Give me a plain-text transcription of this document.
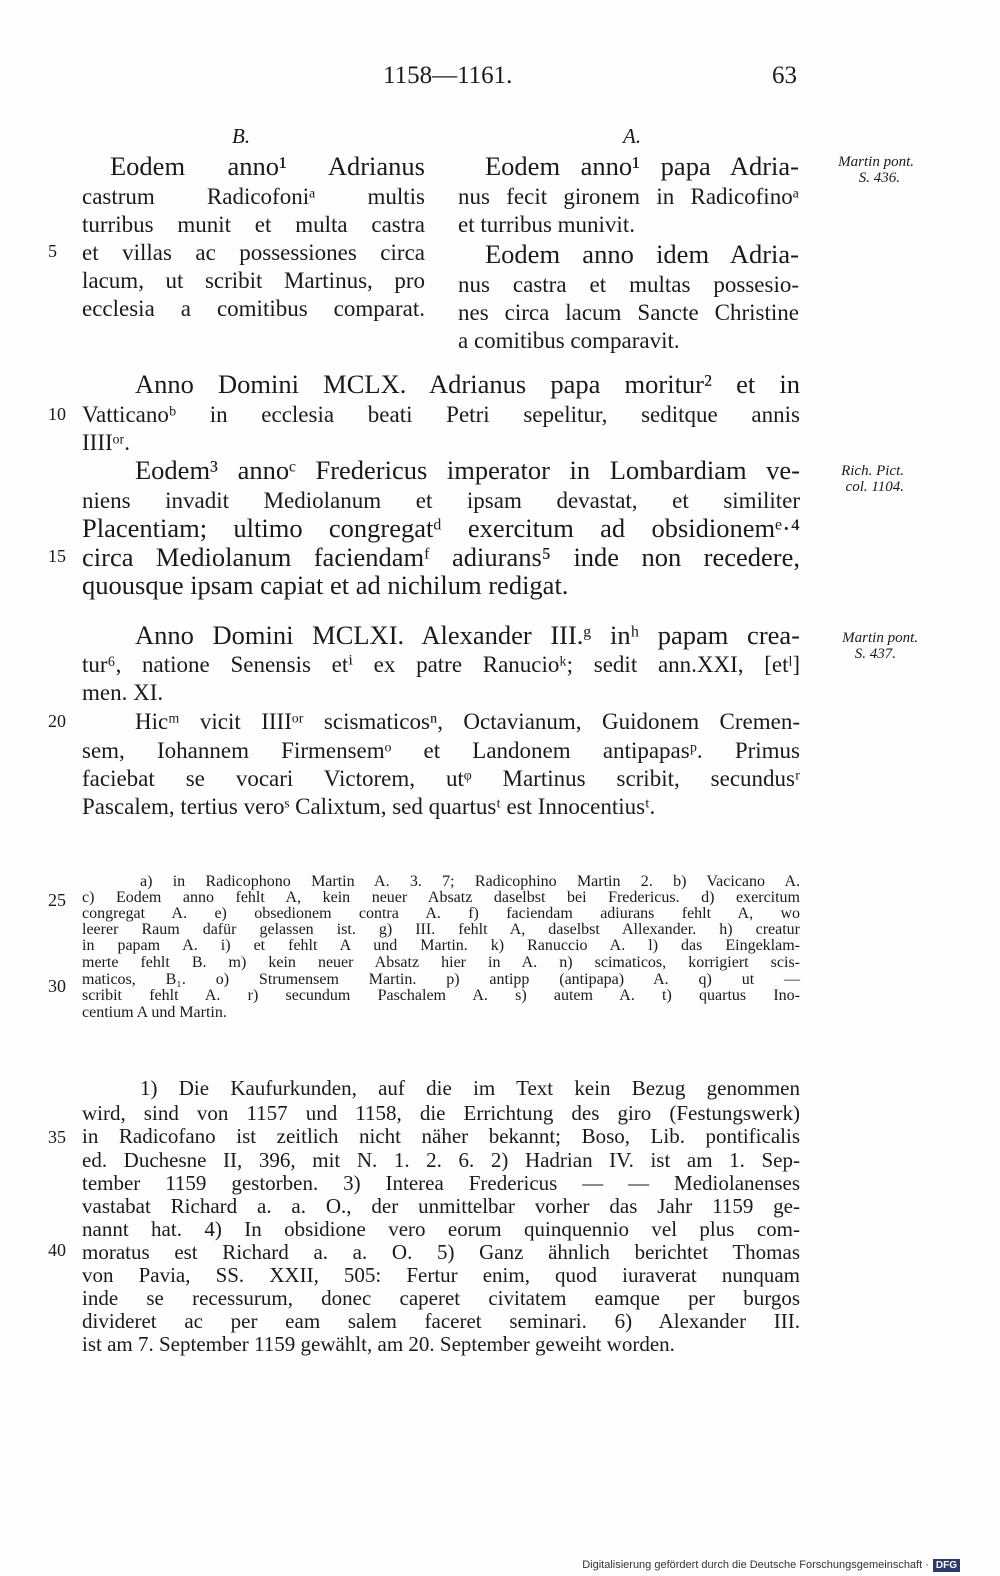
1158—1161.	63
B.	A.
Eodem anno¹ Adrianus
castrum Radicofoniᵃ multis
turribus munit et multa castra
et villas ac possessiones circa
lacum, ut scribit Martinus, pro
ecclesia a comitibus comparat.
Eodem anno¹ papa Adria-
nus fecit gironem in Radicofinoᵃ
et turribus munivit.
Eodem anno idem Adria-
nus castra et multas possesio-
nes circa lacum Sancte Christine
a comitibus comparavit.
Anno Domini MCLX. Adrianus papa moritur² et in
Vatticanoᵇ in ecclesia beati Petri sepelitur, seditque annis
IIIIᵒʳ.
Eodem³ annoᶜ Fredericus imperator in Lombardiam ve-
niens invadit Mediolanum et ipsam devastat, et similiter
Placentiam; ultimo congregatᵈ exercitum ad obsidionemᵉ·⁴
circa Mediolanum faciendamᶠ adiurans⁵ inde non recedere,
quousque ipsam capiat et ad nichilum redigat.
Anno Domini MCLXI. Alexander III.ᵍ inʰ papam crea-
tur⁶, natione Senensis etⁱ ex patre Ranucioᵏ; sedit ann.XXI, [etˡ]
men. XI.
Hicᵐ vicit IIIIᵒʳ scismaticosⁿ, Octavianum, Guidonem Cremen-
sem, Iohannem Firmensemᵒ et Landonem antipapasᵖ. Primus
faciebat se vocari Victorem, utᵠ Martinus scribit, secundusʳ
Pascalem, tertius veroˢ Calixtum, sed quartusᵗ est Innocentiusᵗ.
Martin pont.
S. 436.
Rich. Pict.
col. 1104.
Martin pont.
S. 437.
5
10
15
20
25
30
35
40
a) in Radicophono Martin A. 3. 7; Radicophino Martin 2. b) Vacicano A.
c) Eodem anno fehlt A, kein neuer Absatz daselbst bei Fredericus. d) exercitum
congregat A. e) obsedionem contra A. f) faciendam adiurans fehlt A, wo
leerer Raum dafür gelassen ist. g) III. fehlt A, daselbst Allexander. h) creatur
in papam A. i) et fehlt A und Martin. k) Ranuccio A. l) das Eingeklam-
merte fehlt B. m) kein neuer Absatz hier in A. n) scimaticos, korrigiert scis-
maticos, B₁. o) Strumensem Martin. p) antipp (antipapa) A. q) ut —
scribit fehlt A. r) secundum Paschalem A. s) autem A. t) quartus Ino-
centium A und Martin.
1) Die Kaufurkunden, auf die im Text kein Bezug genommen
wird, sind von 1157 und 1158, die Errichtung des giro (Festungswerk)
in Radicofano ist zeitlich nicht näher bekannt; Boso, Lib. pontificalis
ed. Duchesne II, 396, mit N. 1. 2. 6. 2) Hadrian IV. ist am 1. Sep-
tember 1159 gestorben. 3) Interea Fredericus — — Mediolanenses
vastabat Richard a. a. O., der unmittelbar vorher das Jahr 1159 ge-
nannt hat. 4) In obsidione vero eorum quinquennio vel plus com-
moratus est Richard a. a. O. 5) Ganz ähnlich berichtet Thomas
von Pavia, SS. XXII, 505: Fertur enim, quod iuraverat nunquam
inde se recessurum, donec caperet civitatem eamque per burgos
divideret ac per eam salem faceret seminari. 6) Alexander III.
ist am 7. September 1159 gewählt, am 20. September geweiht worden.
Digitalisierung gefördert durch die Deutsche Forschungsgemeinschaft · DFG
